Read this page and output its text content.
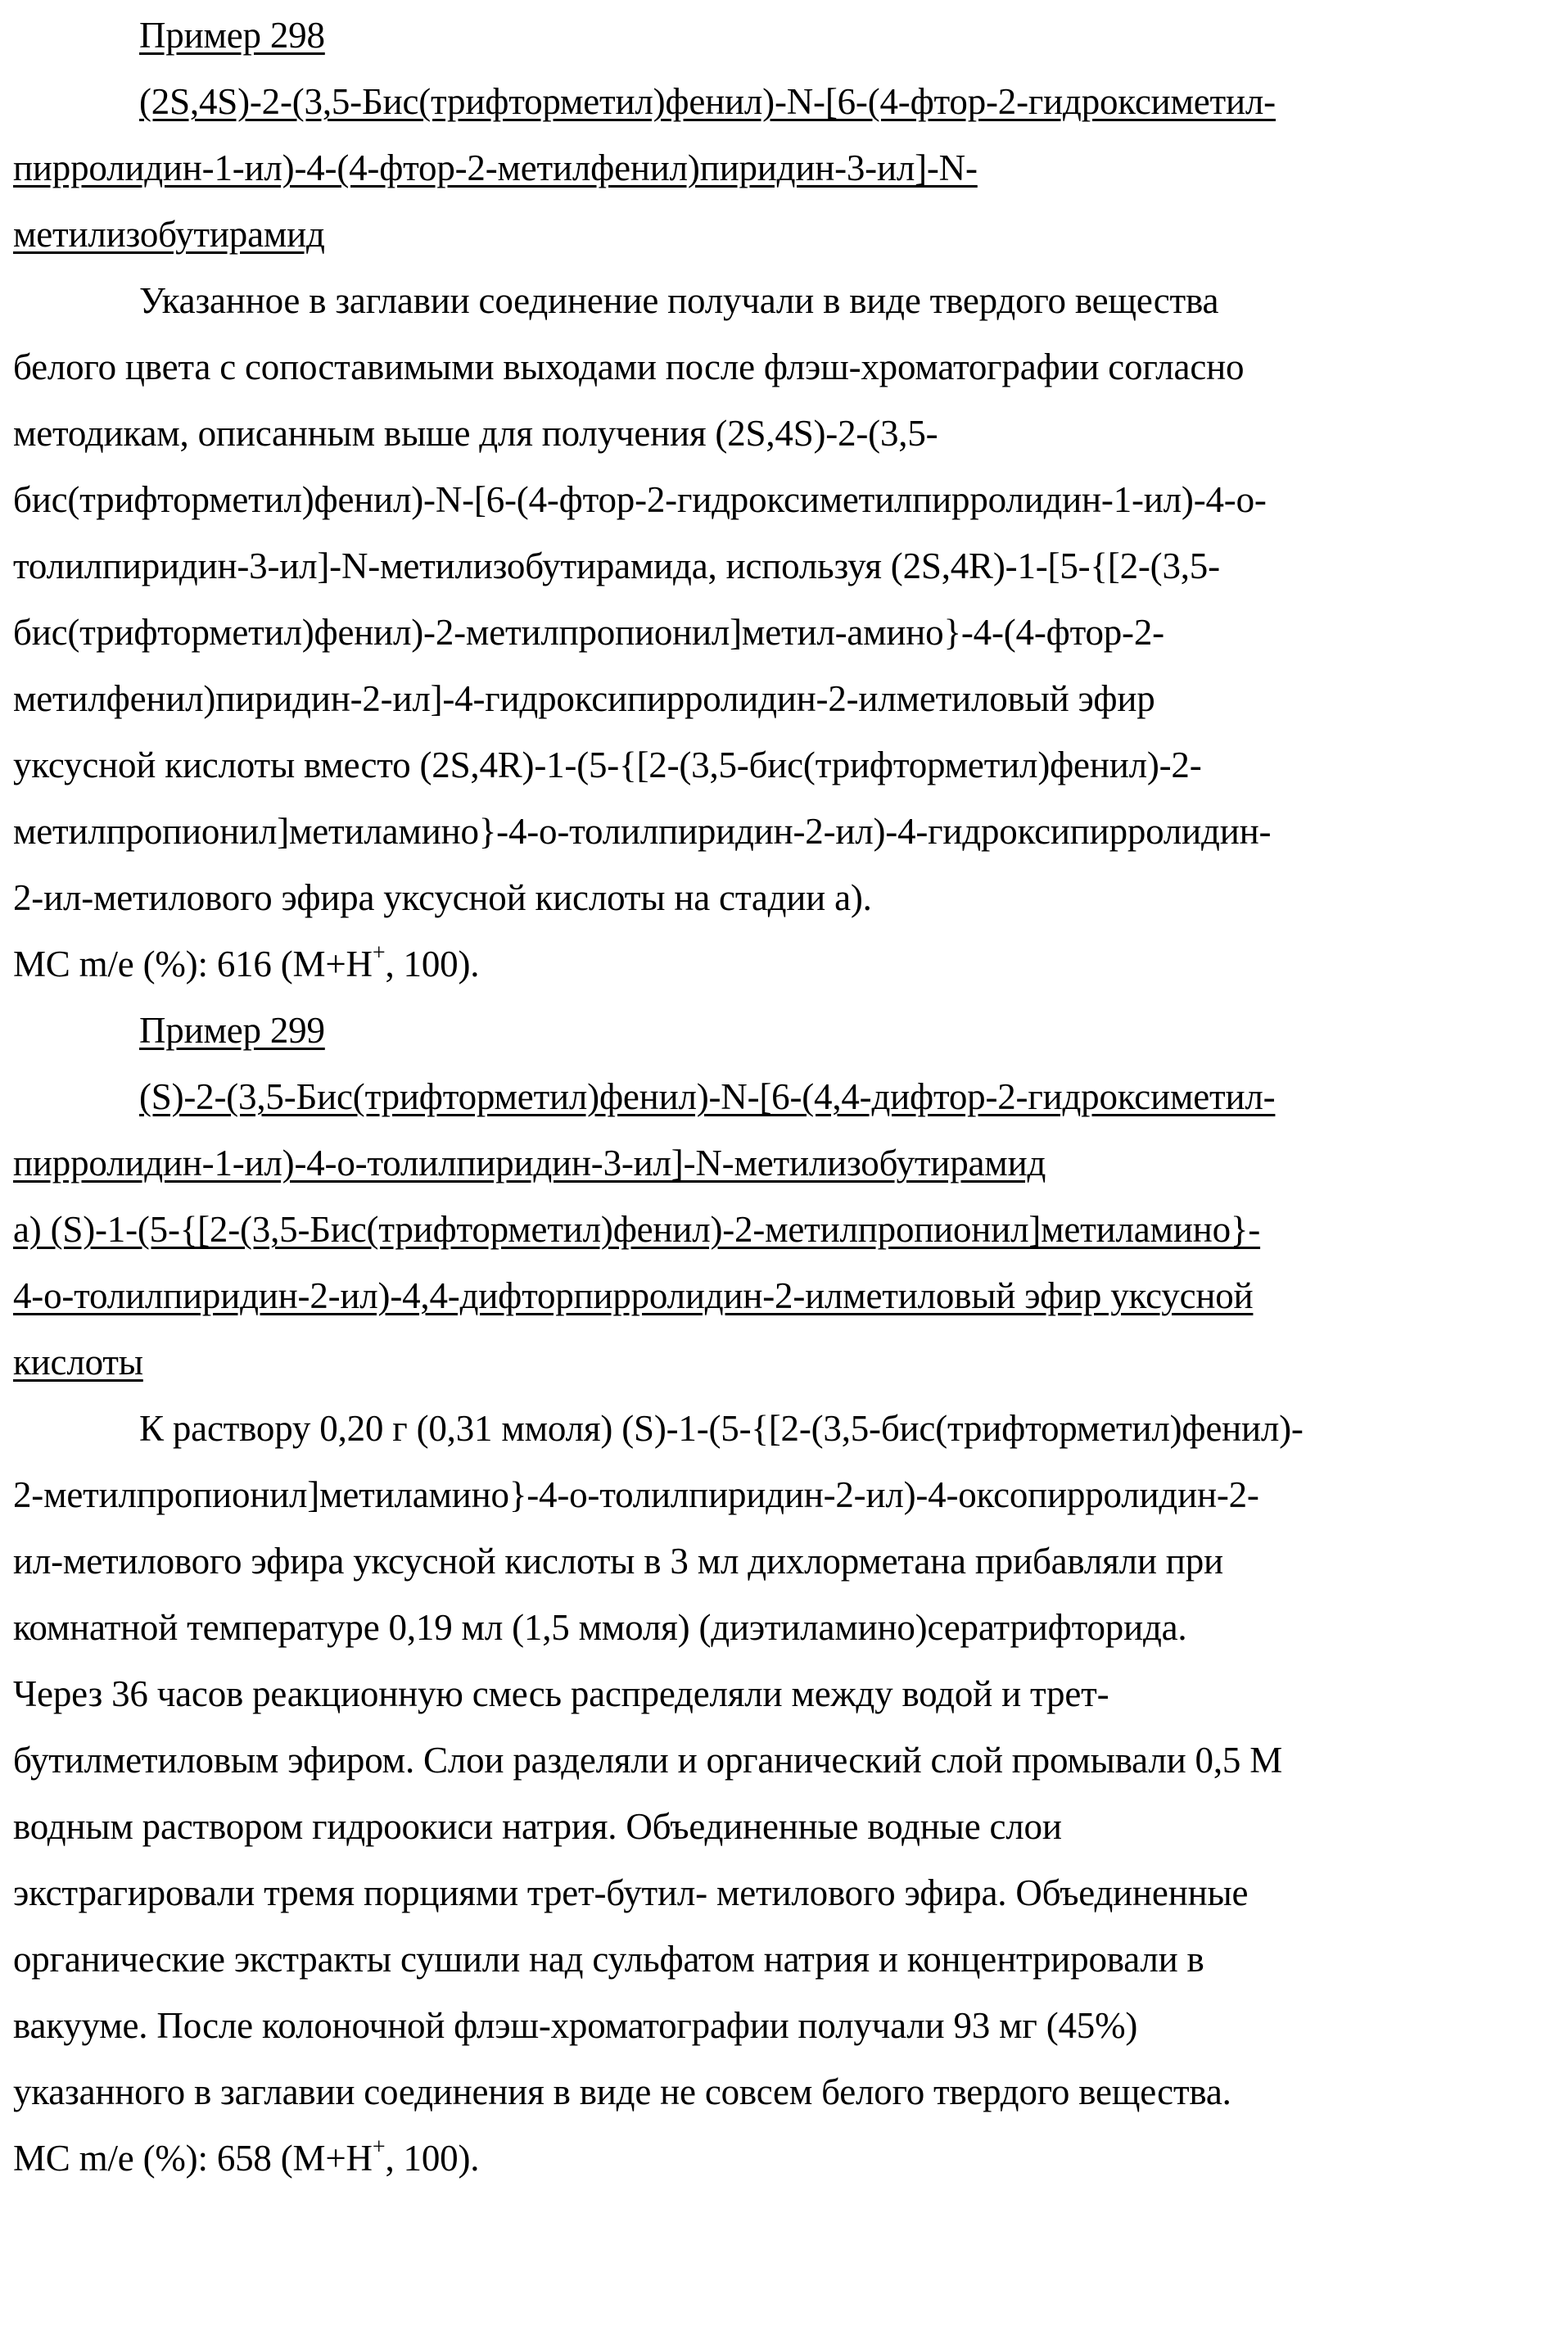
Пример 298
(2S,4S)-2-(3,5-Бис(трифторметил)фенил)-N-[6-(4-фтор-2-гидроксиметил-
пирролидин-1-ил)-4-(4-фтор-2-метилфенил)пиридин-3-ил]-N-
метилизобутирамид
Указанное в заглавии соединение получали в виде твердого вещества
белого цвета с сопоставимыми выходами после флэш-хроматографии согласно
методикам, описанным выше для получения (2S,4S)-2-(3,5-
бис(трифторметил)фенил)-N-[6-(4-фтор-2-гидроксиметилпирролидин-1-ил)-4-о-
толилпиридин-3-ил]-N-метилизобутирамида, используя (2S,4R)-1-[5-{[2-(3,5-
бис(трифторметил)фенил)-2-метилпропионил]метил-амино}-4-(4-фтор-2-
метилфенил)пиридин-2-ил]-4-гидроксипирролидин-2-илметиловый эфир
уксусной кислоты вместо (2S,4R)-1-(5-{[2-(3,5-бис(трифторметил)фенил)-2-
метилпропионил]метиламино}-4-о-толилпиридин-2-ил)-4-гидроксипирролидин-
2-ил-метилового эфира уксусной кислоты на стадии а).
МС m/e (%): 616 (M+H+, 100).
Пример 299
(S)-2-(3,5-Бис(трифторметил)фенил)-N-[6-(4,4-дифтор-2-гидроксиметил-
пирролидин-1-ил)-4-о-толилпиридин-3-ил]-N-метилизобутирамид
а) (S)-1-(5-{[2-(3,5-Бис(трифторметил)фенил)-2-метилпропионил]метиламино}-
4-о-толилпиридин-2-ил)-4,4-дифторпирролидин-2-илметиловый эфир уксусной
кислоты
К раствору 0,20 г (0,31 ммоля) (S)-1-(5-{[2-(3,5-бис(трифторметил)фенил)-
2-метилпропионил]метиламино}-4-о-толилпиридин-2-ил)-4-оксопирролидин-2-
ил-метилового эфира уксусной кислоты в 3 мл дихлорметана прибавляли при
комнатной температуре 0,19 мл (1,5 ммоля) (диэтиламино)сератрифторида.
Через 36 часов реакционную смесь распределяли между водой и трет-
бутилметиловым эфиром. Слои разделяли и органический слой промывали 0,5 М
водным раствором гидроокиси натрия. Объединенные водные слои
экстрагировали тремя порциями трет-бутил- метилового эфира. Объединенные
органические экстракты сушили над сульфатом натрия и концентрировали в
вакууме. После колоночной флэш-хроматографии получали 93 мг (45%)
указанного в заглавии соединения в виде не совсем белого твердого вещества.
МС m/e (%): 658 (M+H+, 100).
